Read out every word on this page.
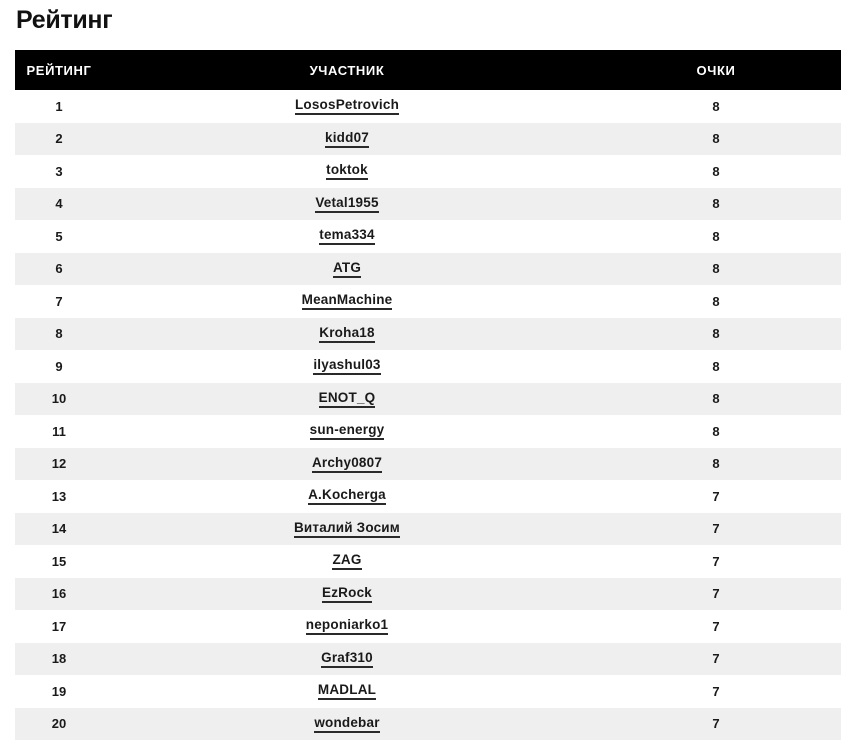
Рейтинг
РЕЙТИНГ	УЧАСТНИК	ОЧКИ
1	LososPetrovich	8
2	kidd07	8
3	toktok	8
4	Vetal1955	8
5	tema334	8
6	ATG	8
7	MeanMachine	8
8	Kroha18	8
9	ilyashul03	8
10	ENOT_Q	8
11	sun-energy	8
12	Archy0807	8
13	A.Kocherga	7
14	Виталий Зосим	7
15	ZAG	7
16	EzRock	7
17	neponiarko1	7
18	Graf310	7
19	MADLAL	7
20	wondebar	7
